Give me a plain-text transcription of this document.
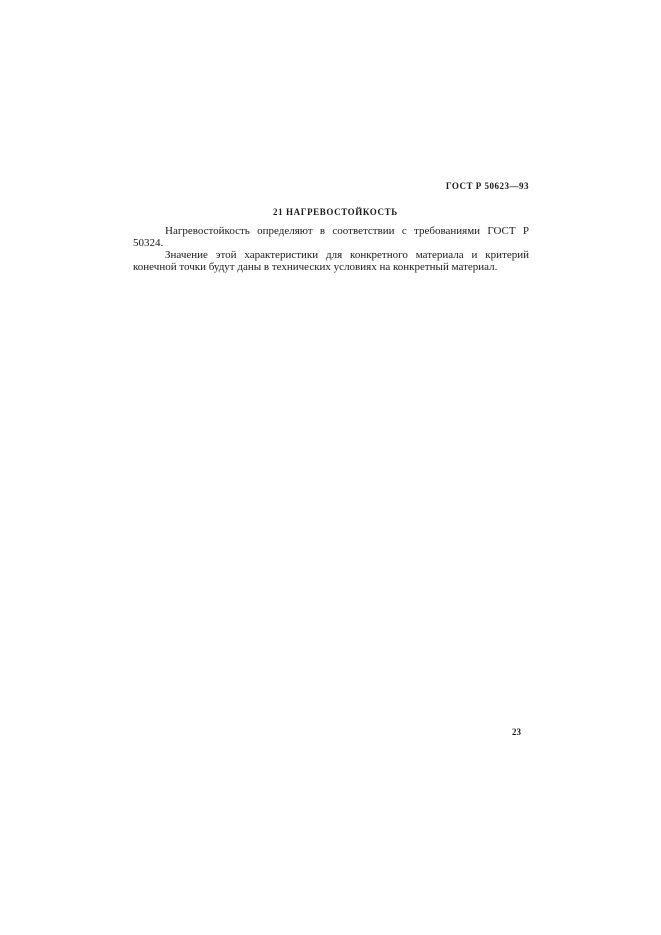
ГОСТ Р 50623—93
21 НАГРЕВОСТОЙКОСТЬ

Нагревостойкость определяют в соответствии с требованиями ГОСТ Р 50324.

Значение этой характеристики для конкретного материала и критерий конечной точки будут даны в технических условиях на конкретный материал.

23
